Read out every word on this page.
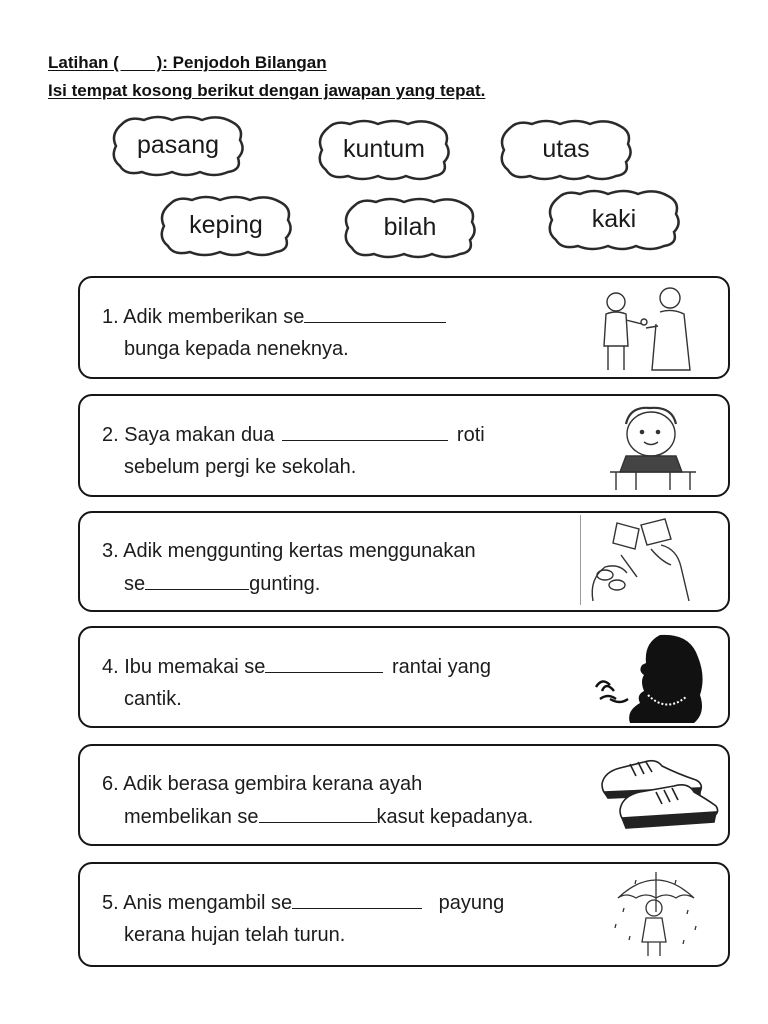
Latihan (        ): Penjodoh Bilangan
Isi tempat kosong berikut dengan jawapan yang tepat.
pasang	kuntum	utas
keping	bilah	kaki
1. Adik memberikan se
bunga kepada neneknya.
2. Saya makan dua	roti
sebelum pergi ke sekolah.
3. Adik menggunting kertas menggunakan
se	gunting.
4. Ibu memakai se	rantai yang
cantik.
6. Adik berasa gembira kerana ayah
membelikan se	kasut kepadanya.
5. Anis mengambil se	payung
kerana hujan telah turun.
